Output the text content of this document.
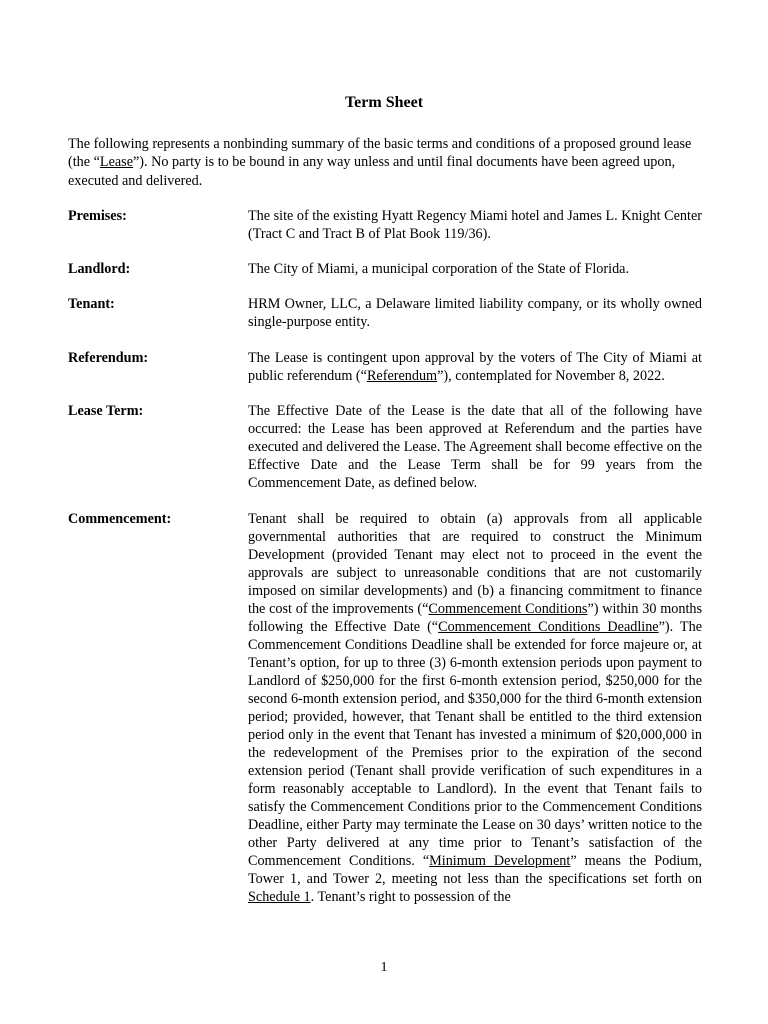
Term Sheet

The following represents a nonbinding summary of the basic terms and conditions of a proposed ground lease (the “Lease”). No party is to be bound in any way unless and until final documents have been agreed upon, executed and delivered.

Premises:	The site of the existing Hyatt Regency Miami hotel and James L. Knight Center (Tract C and Tract B of Plat Book 119/36).
Landlord:	The City of Miami, a municipal corporation of the State of Florida.
Tenant:	HRM Owner, LLC, a Delaware limited liability company, or its wholly owned single-purpose entity.
Referendum:	The Lease is contingent upon approval by the voters of The City of Miami at public referendum (“Referendum”), contemplated for November 8, 2022.
Lease Term:	The Effective Date of the Lease is the date that all of the following have occurred: the Lease has been approved at Referendum and the parties have executed and delivered the Lease. The Agreement shall become effective on the Effective Date and the Lease Term shall be for 99 years from the Commencement Date, as defined below.
Commencement:	Tenant shall be required to obtain (a) approvals from all applicable governmental authorities that are required to construct the Minimum Development (provided Tenant may elect not to proceed in the event the approvals are subject to unreasonable conditions that are not customarily imposed on similar developments) and (b) a financing commitment to finance the cost of the improvements (“Commencement Conditions”) within 30 months following the Effective Date (“Commencement Conditions Deadline”). The Commencement Conditions Deadline shall be extended for force majeure or, at Tenant’s option, for up to three (3) 6-month extension periods upon payment to Landlord of $250,000 for the first 6-month extension period, $250,000 for the second 6-month extension period, and $350,000 for the third 6-month extension period; provided, however, that Tenant shall be entitled to the third extension period only in the event that Tenant has invested a minimum of $20,000,000 in the redevelopment of the Premises prior to the expiration of the second extension period (Tenant shall provide verification of such expenditures in a form reasonably acceptable to Landlord). In the event that Tenant fails to satisfy the Commencement Conditions prior to the Commencement Conditions Deadline, either Party may terminate the Lease on 30 days’ written notice to the other Party delivered at any time prior to Tenant’s satisfaction of the Commencement Conditions. “Minimum Development” means the Podium, Tower 1, and Tower 2, meeting not less than the specifications set forth on Schedule 1. Tenant’s right to possession of the
1
